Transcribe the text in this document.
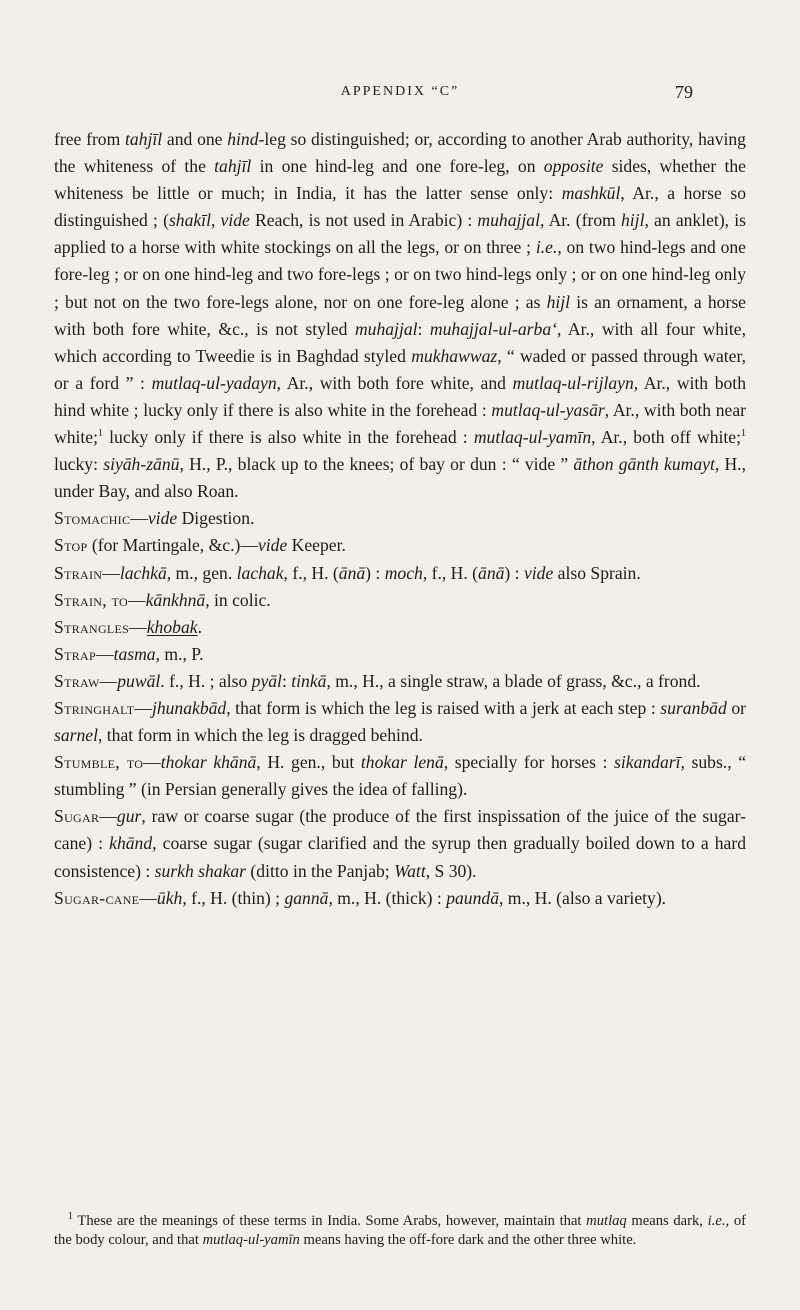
APPENDIX “C”	79

free from tahjīl and one hind-leg so distinguished; or, according to another Arab authority, having the whiteness of the tahjīl in one hind-leg and one fore-leg, on opposite sides, whether the whiteness be little or much; in India, it has the latter sense only: mashkūl, Ar., a horse so distinguished ; (shakīl, vide Reach, is not used in Arabic) : muhajjal, Ar. (from hijl, an anklet), is applied to a horse with white stockings on all the legs, or on three ; i.e., on two hind-legs and one fore-leg ; or on one hind-leg and two fore-legs ; or on two hind-legs only ; or on one hind-leg only ; but not on the two fore-legs alone, nor on one fore-leg alone ; as hijl is an ornament, a horse with both fore white, &c., is not styled muhajjal: muhajjal-ul-arbaʻ, Ar., with all four white, which according to Tweedie is in Baghdad styled mukhawwaz, “ waded or passed through water, or a ford ” : mutlaq-ul-yadayn, Ar., with both fore white, and mutlaq-ul-rijlayn, Ar., with both hind white ; lucky only if there is also white in the forehead : mutlaq-ul-yasār, Ar., with both near white;$^1$ lucky only if there is also white in the forehead : mutlaq-ul-yamīn, Ar., both off white;$^1$ lucky: siyāh-zānū, H., P., black up to the knees; of bay or dun : “ vide ” āthon gānth kumayt, H., under Bay, and also Roan.

Stomachic—vide Digestion.

Stop (for Martingale, &c.)—vide Keeper.

Strain—lachkā, m., gen. lachak, f., H. (ānā) : moch, f., H. (ānā) : vide also Sprain.

Strain, to—kānkhnā, in colic.

Strangles—khobak.

Strap—tasma, m., P.

Straw—puwāl. f., H. ; also pyāl: tinkā, m., H., a single straw, a blade of grass, &c., a frond.

Stringhalt—jhunakbād, that form is which the leg is raised with a jerk at each step : suranbād or sarnel, that form in which the leg is dragged behind.

Stumble, to—thokar khānā, H. gen., but thokar lenā, specially for horses : sikandarī, subs., “ stumbling ” (in Persian generally gives the idea of falling).

Sugar—gur, raw or coarse sugar (the produce of the first inspissation of the juice of the sugar-cane) : khānd, coarse sugar (sugar clarified and the syrup then gradually boiled down to a hard consistence) : surkh shakar (ditto in the Panjab; Watt, S 30).

Sugar-cane—ūkh, f., H. (thin) ; gannā, m., H. (thick) : paundā, m., H. (also a variety).

$^1$ These are the meanings of these terms in India. Some Arabs, however, maintain that mutlaq means dark, i.e., of the body colour, and that mutlaq-ul-yamīn means having the off-fore dark and the other three white.
